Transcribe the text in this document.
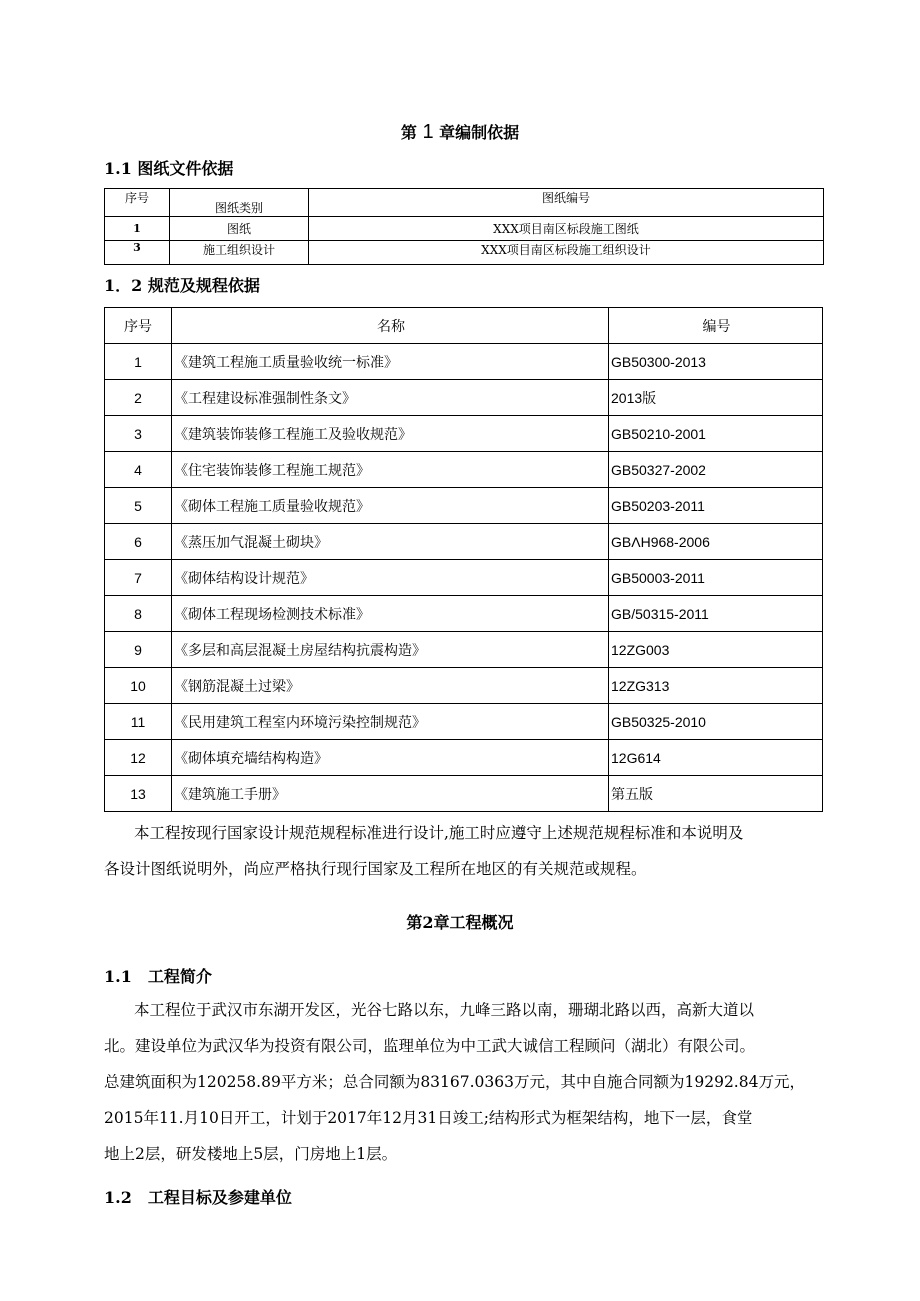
第 1 章编制依据
1.1 图纸文件依据
序号	图纸类别	图纸编号
1	图纸	XXX项目南区标段施工图纸
3	施工组织设计	XXX项目南区标段施工组织设计
1．2 规范及规程依据
序号	名称	编号
1	《建筑工程施工质量验收统一标准》	GB50300-2013
2	《工程建设标准强制性条文》	2013版
3	《建筑装饰装修工程施工及验收规范》	GB50210-2001
4	《住宅装饰装修工程施工规范》	GB50327-2002
5	《砌体工程施工质量验收规范》	GB50203-2011
6	《蒸压加气混凝土砌块》	GBΛH968-2006
7	《砌体结构设计规范》	GB50003-2011
8	《砌体工程现场检测技术标准》	GB/50315-2011
9	《多层和高层混凝土房屋结构抗震构造》	12ZG003
10	《钢筋混凝土过梁》	12ZG313
11	《民用建筑工程室内环境污染控制规范》	GB50325-2010
12	《砌体填充墙结构构造》	12G614
13	《建筑施工手册》	第五版
本工程按现行国家设计规范规程标准进行设计,施工时应遵守上述规范规程标准和本说明及
各设计图纸说明外，尚应严格执行现行国家及工程所在地区的有关规范或规程。
第2章工程概况
1.1　工程简介
本工程位于武汉市东湖开发区，光谷七路以东，九峰三路以南，珊瑚北路以西，高新大道以
北。建设单位为武汉华为投资有限公司，监理单位为中工武大诚信工程顾问（湖北）有限公司。
总建筑面积为120258.89平方米；总合同额为83167.0363万元，其中自施合同额为19292.84万元，
2015年11.月10日开工，计划于2017年12月31日竣工;结构形式为框架结构，地下一层，食堂
地上2层，研发楼地上5层，门房地上1层。
1.2　工程目标及参建单位
